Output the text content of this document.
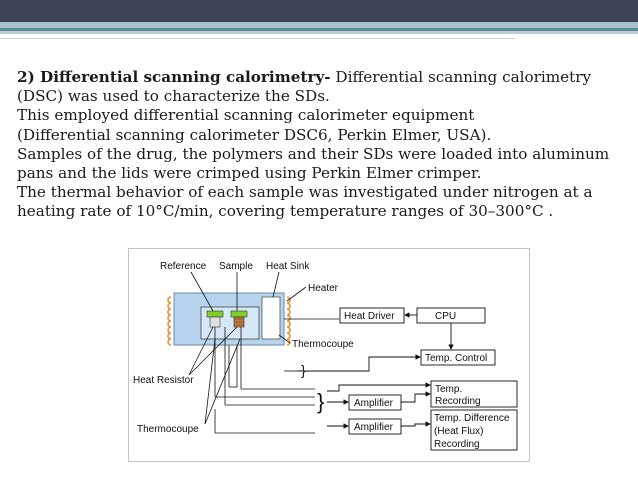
2) Differential scanning calorimetry- Differential scanning calorimetry

(DSC) was used to characterize the SDs.

This employed differential scanning calorimeter equipment

(Differential scanning calorimeter DSC6, Perkin Elmer, USA).

Samples of the drug, the polymers and their SDs were loaded into aluminum

pans and the lids were crimped using Perkin Elmer crimper.

The thermal behavior of each sample was investigated under nitrogen at a

heating rate of 10°C/min, covering temperature ranges of 30–300°C .

Reference Sample Heat Sink
Heater
Thermocoupe
Heat Resistor
Thermocoupe
}
}
Heat Driver	CPU
Temp. Control
Amplifier
Amplifier
Temp.
Recording
Temp. Difference
(Heat Flux)
Recording
